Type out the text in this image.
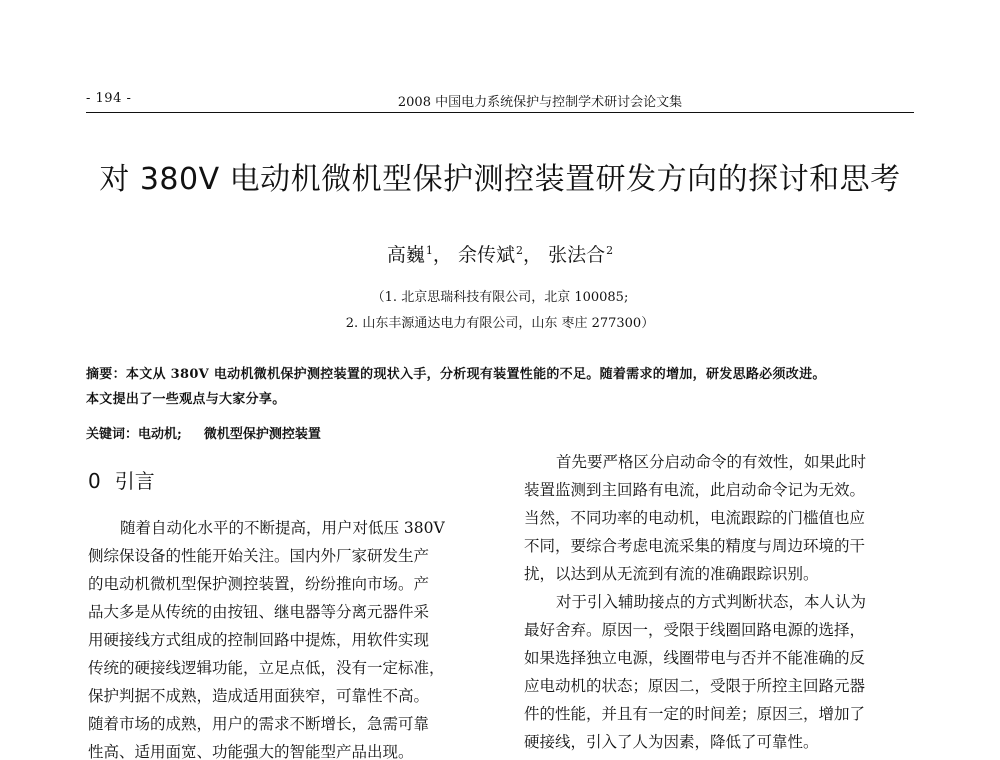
- 194 -	2008 中国电力系统保护与控制学术研讨会论文集
对 380V 电动机微机型保护测控装置研发方向的探讨和思考
高巍$^1$， 余传斌$^2$， 张法合$^2$
（1. 北京思瑞科技有限公司，北京 100085;
2. 山东丰源通达电力有限公司，山东 枣庄 277300）
摘要：本文从 380V 电动机微机保护测控装置的现状入手，分析现有装置性能的不足。随着需求的增加，研发思路必须改进。
本文提出了一些观点与大家分享。
关键词：电动机; 微机型保护测控装置
0 引言
随着自动化水平的不断提高，用户对低压 380V
侧综保设备的性能开始关注。国内外厂家研发生产
的电动机微机型保护测控装置，纷纷推向市场。产
品大多是从传统的由按钮、继电器等分离元器件采
用硬接线方式组成的控制回路中提炼，用软件实现
传统的硬接线逻辑功能，立足点低，没有一定标准，
保护判据不成熟，造成适用面狭窄，可靠性不高。
随着市场的成熟，用户的需求不断增长，急需可靠
性高、适用面宽、功能强大的智能型产品出现。
首先要严格区分启动命令的有效性，如果此时
装置监测到主回路有电流，此启动命令记为无效。
当然，不同功率的电动机，电流跟踪的门槛值也应
不同，要综合考虑电流采集的精度与周边环境的干
扰，以达到从无流到有流的准确跟踪识别。
对于引入辅助接点的方式判断状态，本人认为
最好舍弃。原因一，受限于线圈回路电源的选择，
如果选择独立电源，线圈带电与否并不能准确的反
应电动机的状态；原因二，受限于所控主回路元器
件的性能，并且有一定的时间差；原因三，增加了
硬接线，引入了人为因素，降低了可靠性。
